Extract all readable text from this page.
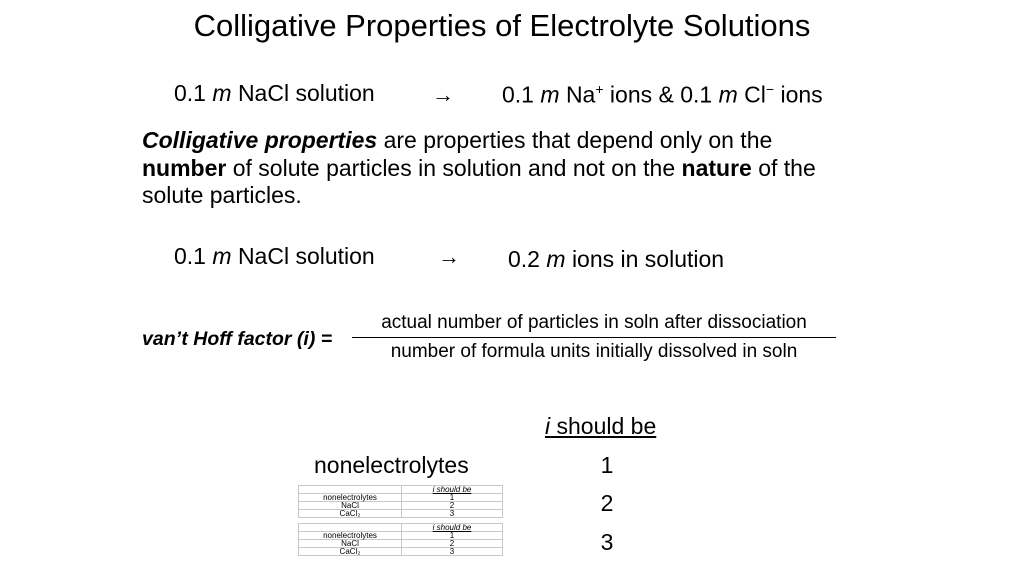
Colligative Properties of Electrolyte Solutions
0.1 m NaCl solution	→ 0.1 m Na+ ions & 0.1 m Cl− ions
Colligative properties are properties that depend only on the number of solute particles in solution and not on the nature of the solute particles.
0.1 m NaCl solution	→ 0.2 m ions in solution
van’t Hoff factor (i) =
actual number of particles in soln after dissociation
number of formula units initially dissolved in soln
i should be
nonelectrolytes	1
2
3
	i should be
nonelectrolytes	1
NaCl	2
CaCl₂	3
	i should be
nonelectrolytes	1
NaCl	2
CaCl₂	3
